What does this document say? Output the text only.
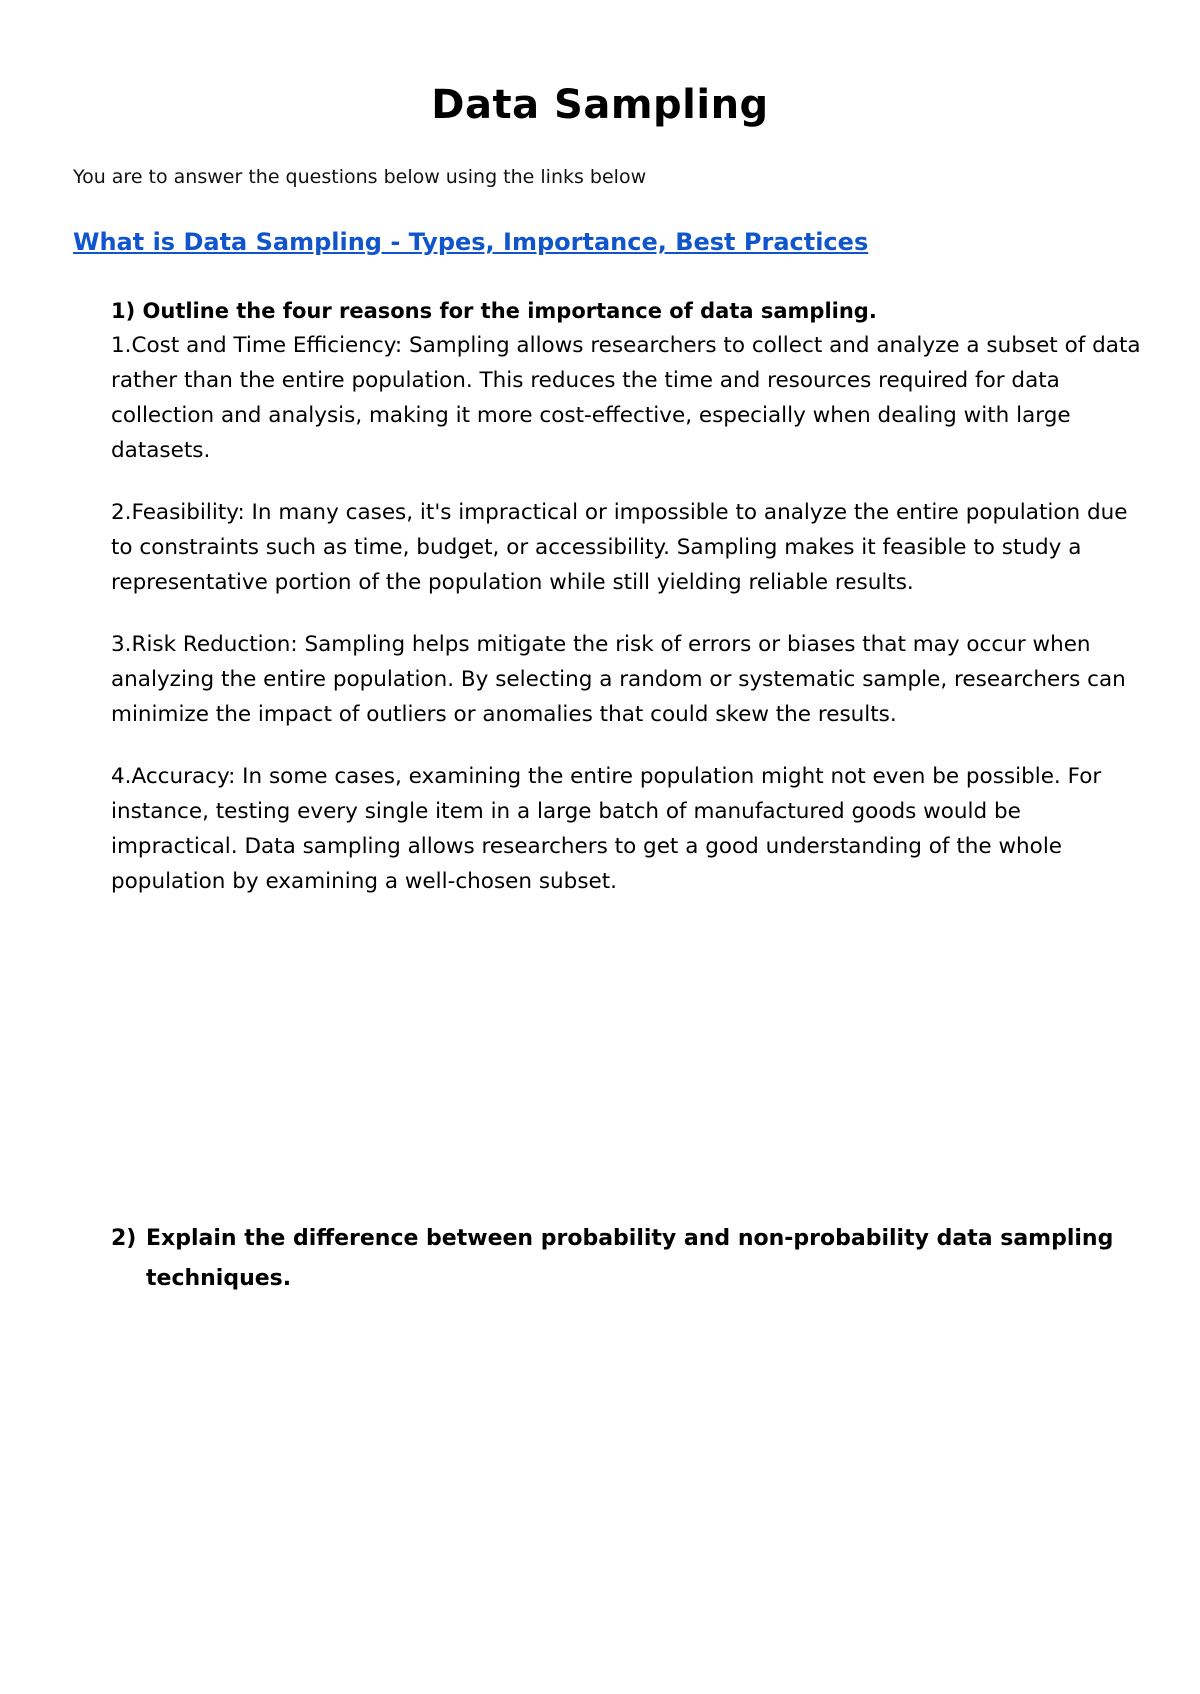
Data Sampling

You are to answer the questions below using the links below

What is Data Sampling - Types, Importance, Best Practices

1) Outline the four reasons for the importance of data sampling.

1.Cost and Time Efficiency: Sampling allows researchers to collect and analyze a subset of data rather than the entire population. This reduces the time and resources required for data collection and analysis, making it more cost-effective, especially when dealing with large datasets.

2.Feasibility: In many cases, it's impractical or impossible to analyze the entire population due to constraints such as time, budget, or accessibility. Sampling makes it feasible to study a representative portion of the population while still yielding reliable results.

3.Risk Reduction: Sampling helps mitigate the risk of errors or biases that may occur when analyzing the entire population. By selecting a random or systematic sample, researchers can minimize the impact of outliers or anomalies that could skew the results.

4.Accuracy: In some cases, examining the entire population might not even be possible. For instance, testing every single item in a large batch of manufactured goods would be impractical. Data sampling allows researchers to get a good understanding of the whole population by examining a well-chosen subset.

2) Explain the difference between probability and non-probability data sampling techniques.
